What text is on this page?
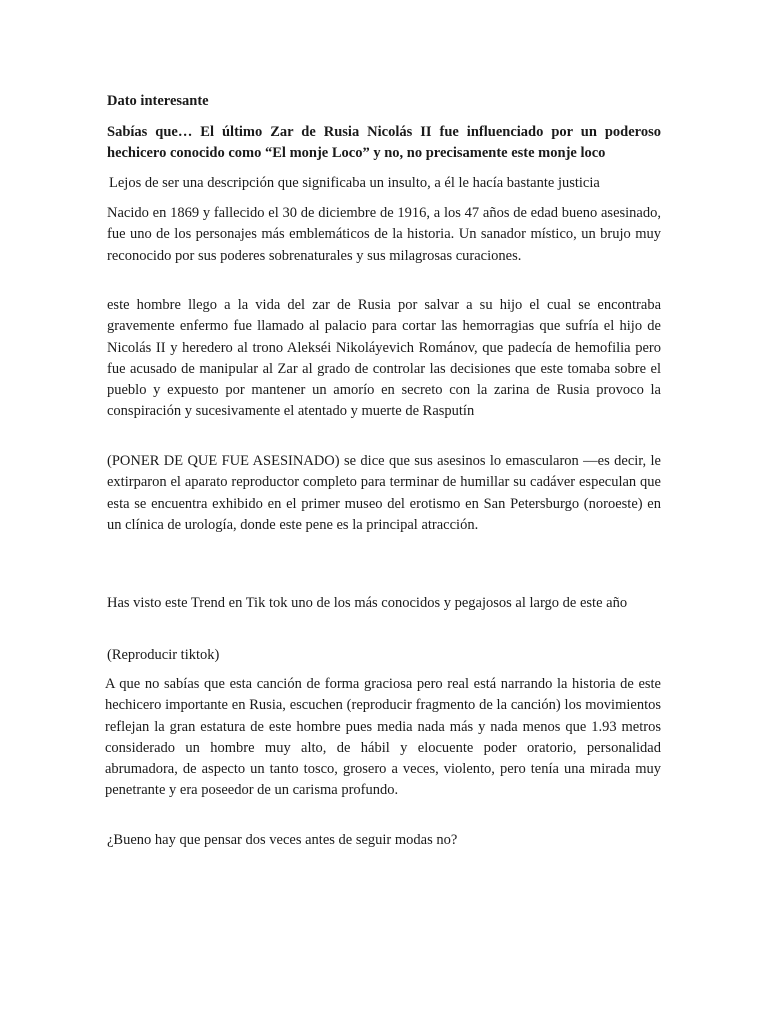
Dato interesante

Sabías que… El último Zar de Rusia Nicolás II fue influenciado por un poderoso hechicero conocido como “El monje Loco” y no, no precisamente este monje loco

Lejos de ser una descripción que significaba un insulto, a él le hacía bastante justicia

Nacido en 1869 y fallecido el 30 de diciembre de 1916, a los 47 años de edad bueno asesinado, fue uno de los personajes más emblemáticos de la historia. Un sanador místico, un brujo muy reconocido por sus poderes sobrenaturales y sus milagrosas curaciones.

este hombre llego a la vida del zar de Rusia por salvar a su hijo el cual se encontraba gravemente enfermo fue llamado al palacio para cortar las hemorragias que sufría el hijo de Nicolás II y heredero al trono Alekséi Nikoláyevich Románov, que padecía de hemofilia pero fue acusado de manipular al Zar al grado de controlar las decisiones que este tomaba sobre el pueblo y expuesto por mantener un amorío en secreto con la zarina de Rusia provoco la conspiración y sucesivamente el atentado y muerte de Rasputín

(PONER DE QUE FUE ASESINADO) se dice que sus asesinos lo emascularon —es decir, le extirparon el aparato reproductor completo para terminar de humillar su cadáver especulan que esta se encuentra exhibido en el primer museo del erotismo en San Petersburgo (noroeste) en un clínica de urología, donde este pene es la principal atracción.

Has visto este Trend en Tik tok uno de los más conocidos y pegajosos al largo de este año

(Reproducir tiktok)

A que no sabías que esta canción de forma graciosa pero real está narrando la historia de este hechicero importante en Rusia, escuchen (reproducir fragmento de la canción) los movimientos reflejan la gran estatura de este hombre pues media nada más y nada menos que 1.93 metros considerado un hombre muy alto, de hábil y elocuente poder oratorio, personalidad abrumadora, de aspecto un tanto tosco, grosero a veces, violento, pero tenía una mirada muy penetrante y era poseedor de un carisma profundo.

¿Bueno hay que pensar dos veces antes de seguir modas no?
